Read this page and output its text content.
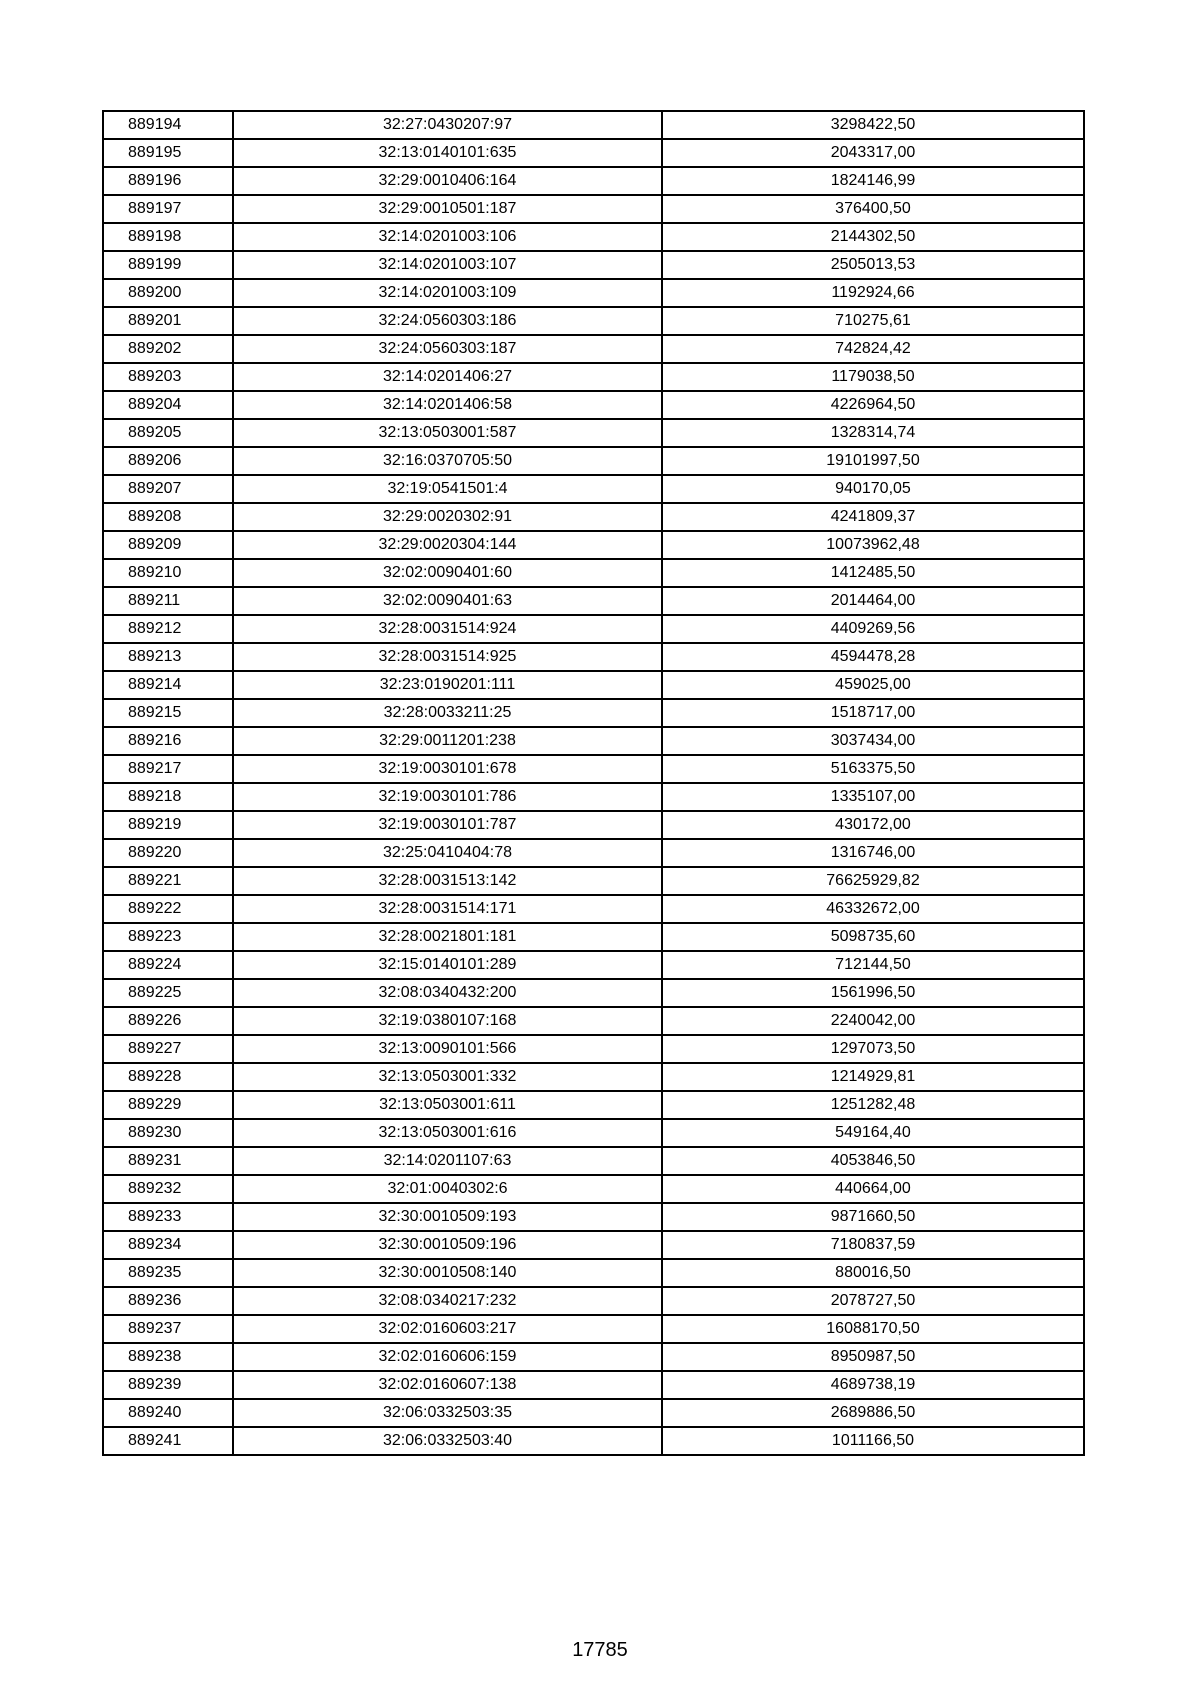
889194	32:27:0430207:97	3298422,50
889195	32:13:0140101:635	2043317,00
889196	32:29:0010406:164	1824146,99
889197	32:29:0010501:187	376400,50
889198	32:14:0201003:106	2144302,50
889199	32:14:0201003:107	2505013,53
889200	32:14:0201003:109	1192924,66
889201	32:24:0560303:186	710275,61
889202	32:24:0560303:187	742824,42
889203	32:14:0201406:27	1179038,50
889204	32:14:0201406:58	4226964,50
889205	32:13:0503001:587	1328314,74
889206	32:16:0370705:50	19101997,50
889207	32:19:0541501:4	940170,05
889208	32:29:0020302:91	4241809,37
889209	32:29:0020304:144	10073962,48
889210	32:02:0090401:60	1412485,50
889211	32:02:0090401:63	2014464,00
889212	32:28:0031514:924	4409269,56
889213	32:28:0031514:925	4594478,28
889214	32:23:0190201:111	459025,00
889215	32:28:0033211:25	1518717,00
889216	32:29:0011201:238	3037434,00
889217	32:19:0030101:678	5163375,50
889218	32:19:0030101:786	1335107,00
889219	32:19:0030101:787	430172,00
889220	32:25:0410404:78	1316746,00
889221	32:28:0031513:142	76625929,82
889222	32:28:0031514:171	46332672,00
889223	32:28:0021801:181	5098735,60
889224	32:15:0140101:289	712144,50
889225	32:08:0340432:200	1561996,50
889226	32:19:0380107:168	2240042,00
889227	32:13:0090101:566	1297073,50
889228	32:13:0503001:332	1214929,81
889229	32:13:0503001:611	1251282,48
889230	32:13:0503001:616	549164,40
889231	32:14:0201107:63	4053846,50
889232	32:01:0040302:6	440664,00
889233	32:30:0010509:193	9871660,50
889234	32:30:0010509:196	7180837,59
889235	32:30:0010508:140	880016,50
889236	32:08:0340217:232	2078727,50
889237	32:02:0160603:217	16088170,50
889238	32:02:0160606:159	8950987,50
889239	32:02:0160607:138	4689738,19
889240	32:06:0332503:35	2689886,50
889241	32:06:0332503:40	1011166,50
17785
